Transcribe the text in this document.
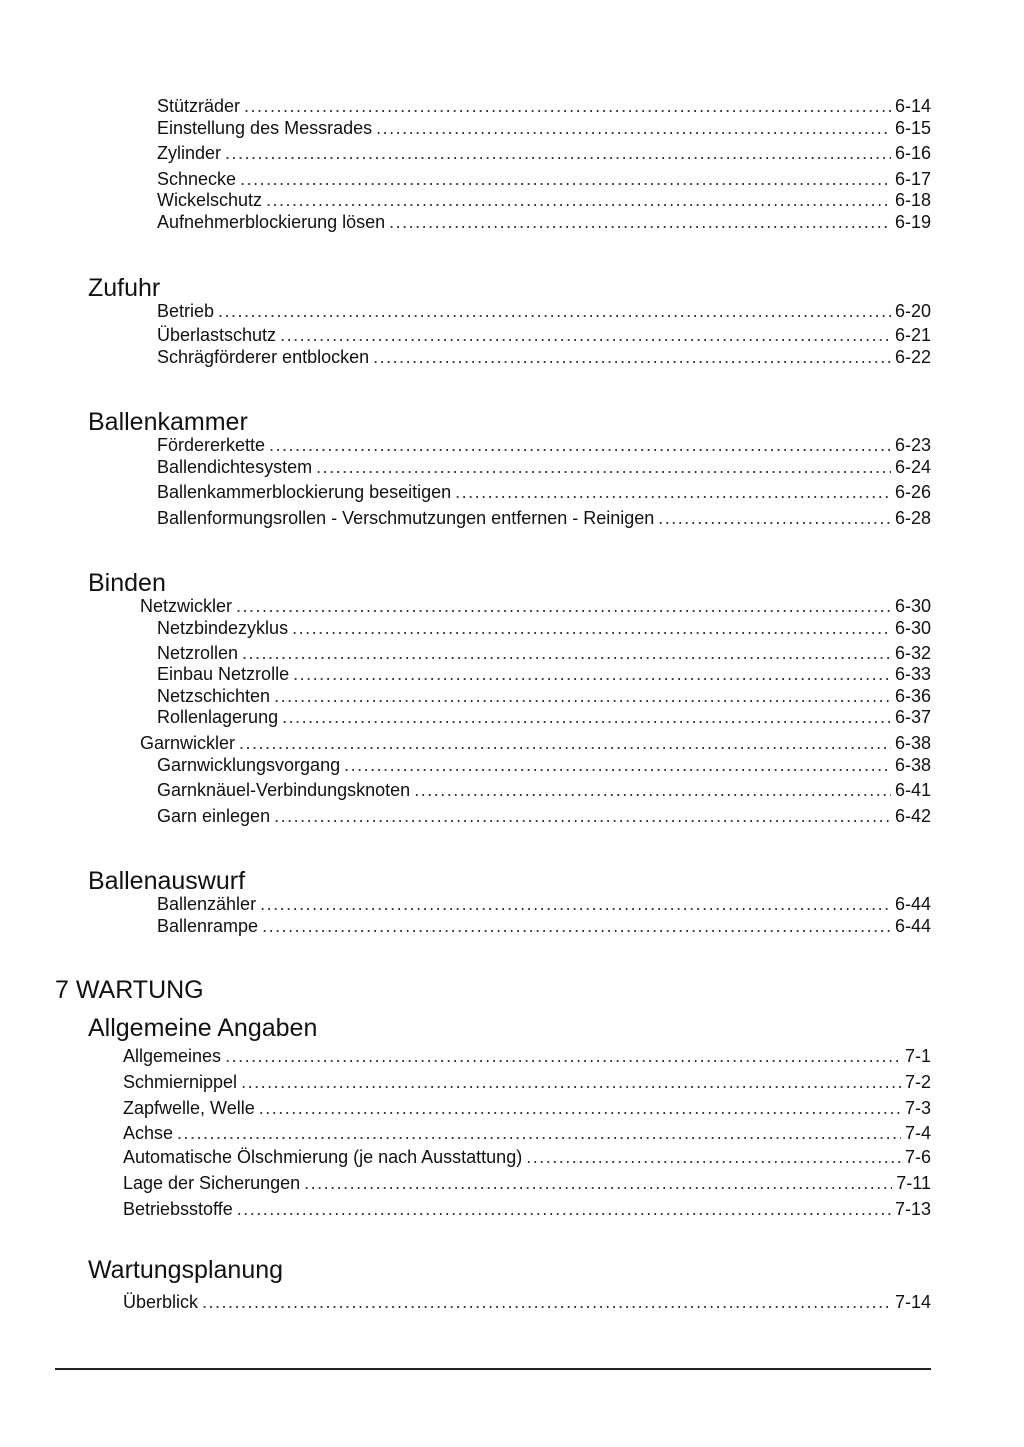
Stützräder .....	6-14
Einstellung des Messrades .....	6-15
Zylinder .....	6-16
Schnecke .....	6-17
Wickelschutz .....	6-18
Aufnehmerblockierung lösen .....	6-19
Zufuhr
Betrieb .....	6-20
Überlastschutz .....	6-21
Schrägförderer entblocken .....	6-22
Ballenkammer
Fördererkette .....	6-23
Ballendichtesystem .....	6-24
Ballenkammerblockierung beseitigen .....	6-26
Ballenformungsrollen - Verschmutzungen entfernen - Reinigen .....	6-28
Binden
Netzwickler .....	6-30
Netzbindezyklus .....	6-30
Netzrollen .....	6-32
Einbau Netzrolle .....	6-33
Netzschichten .....	6-36
Rollenlagerung .....	6-37
Garnwickler .....	6-38
Garnwicklungsvorgang .....	6-38
Garnknäuel-Verbindungsknoten .....	6-41
Garn einlegen .....	6-42
Ballenauswurf
Ballenzähler .....	6-44
Ballenrampe .....	6-44
7 WARTUNG
Allgemeine Angaben
Allgemeines .....	7-1
Schmiernippel .....	7-2
Zapfwelle, Welle .....	7-3
Achse .....	7-4
Automatische Ölschmierung (je nach Ausstattung) .....	7-6
Lage der Sicherungen .....	7-11
Betriebsstoffe .....	7-13
Wartungsplanung
Überblick .....	7-14
